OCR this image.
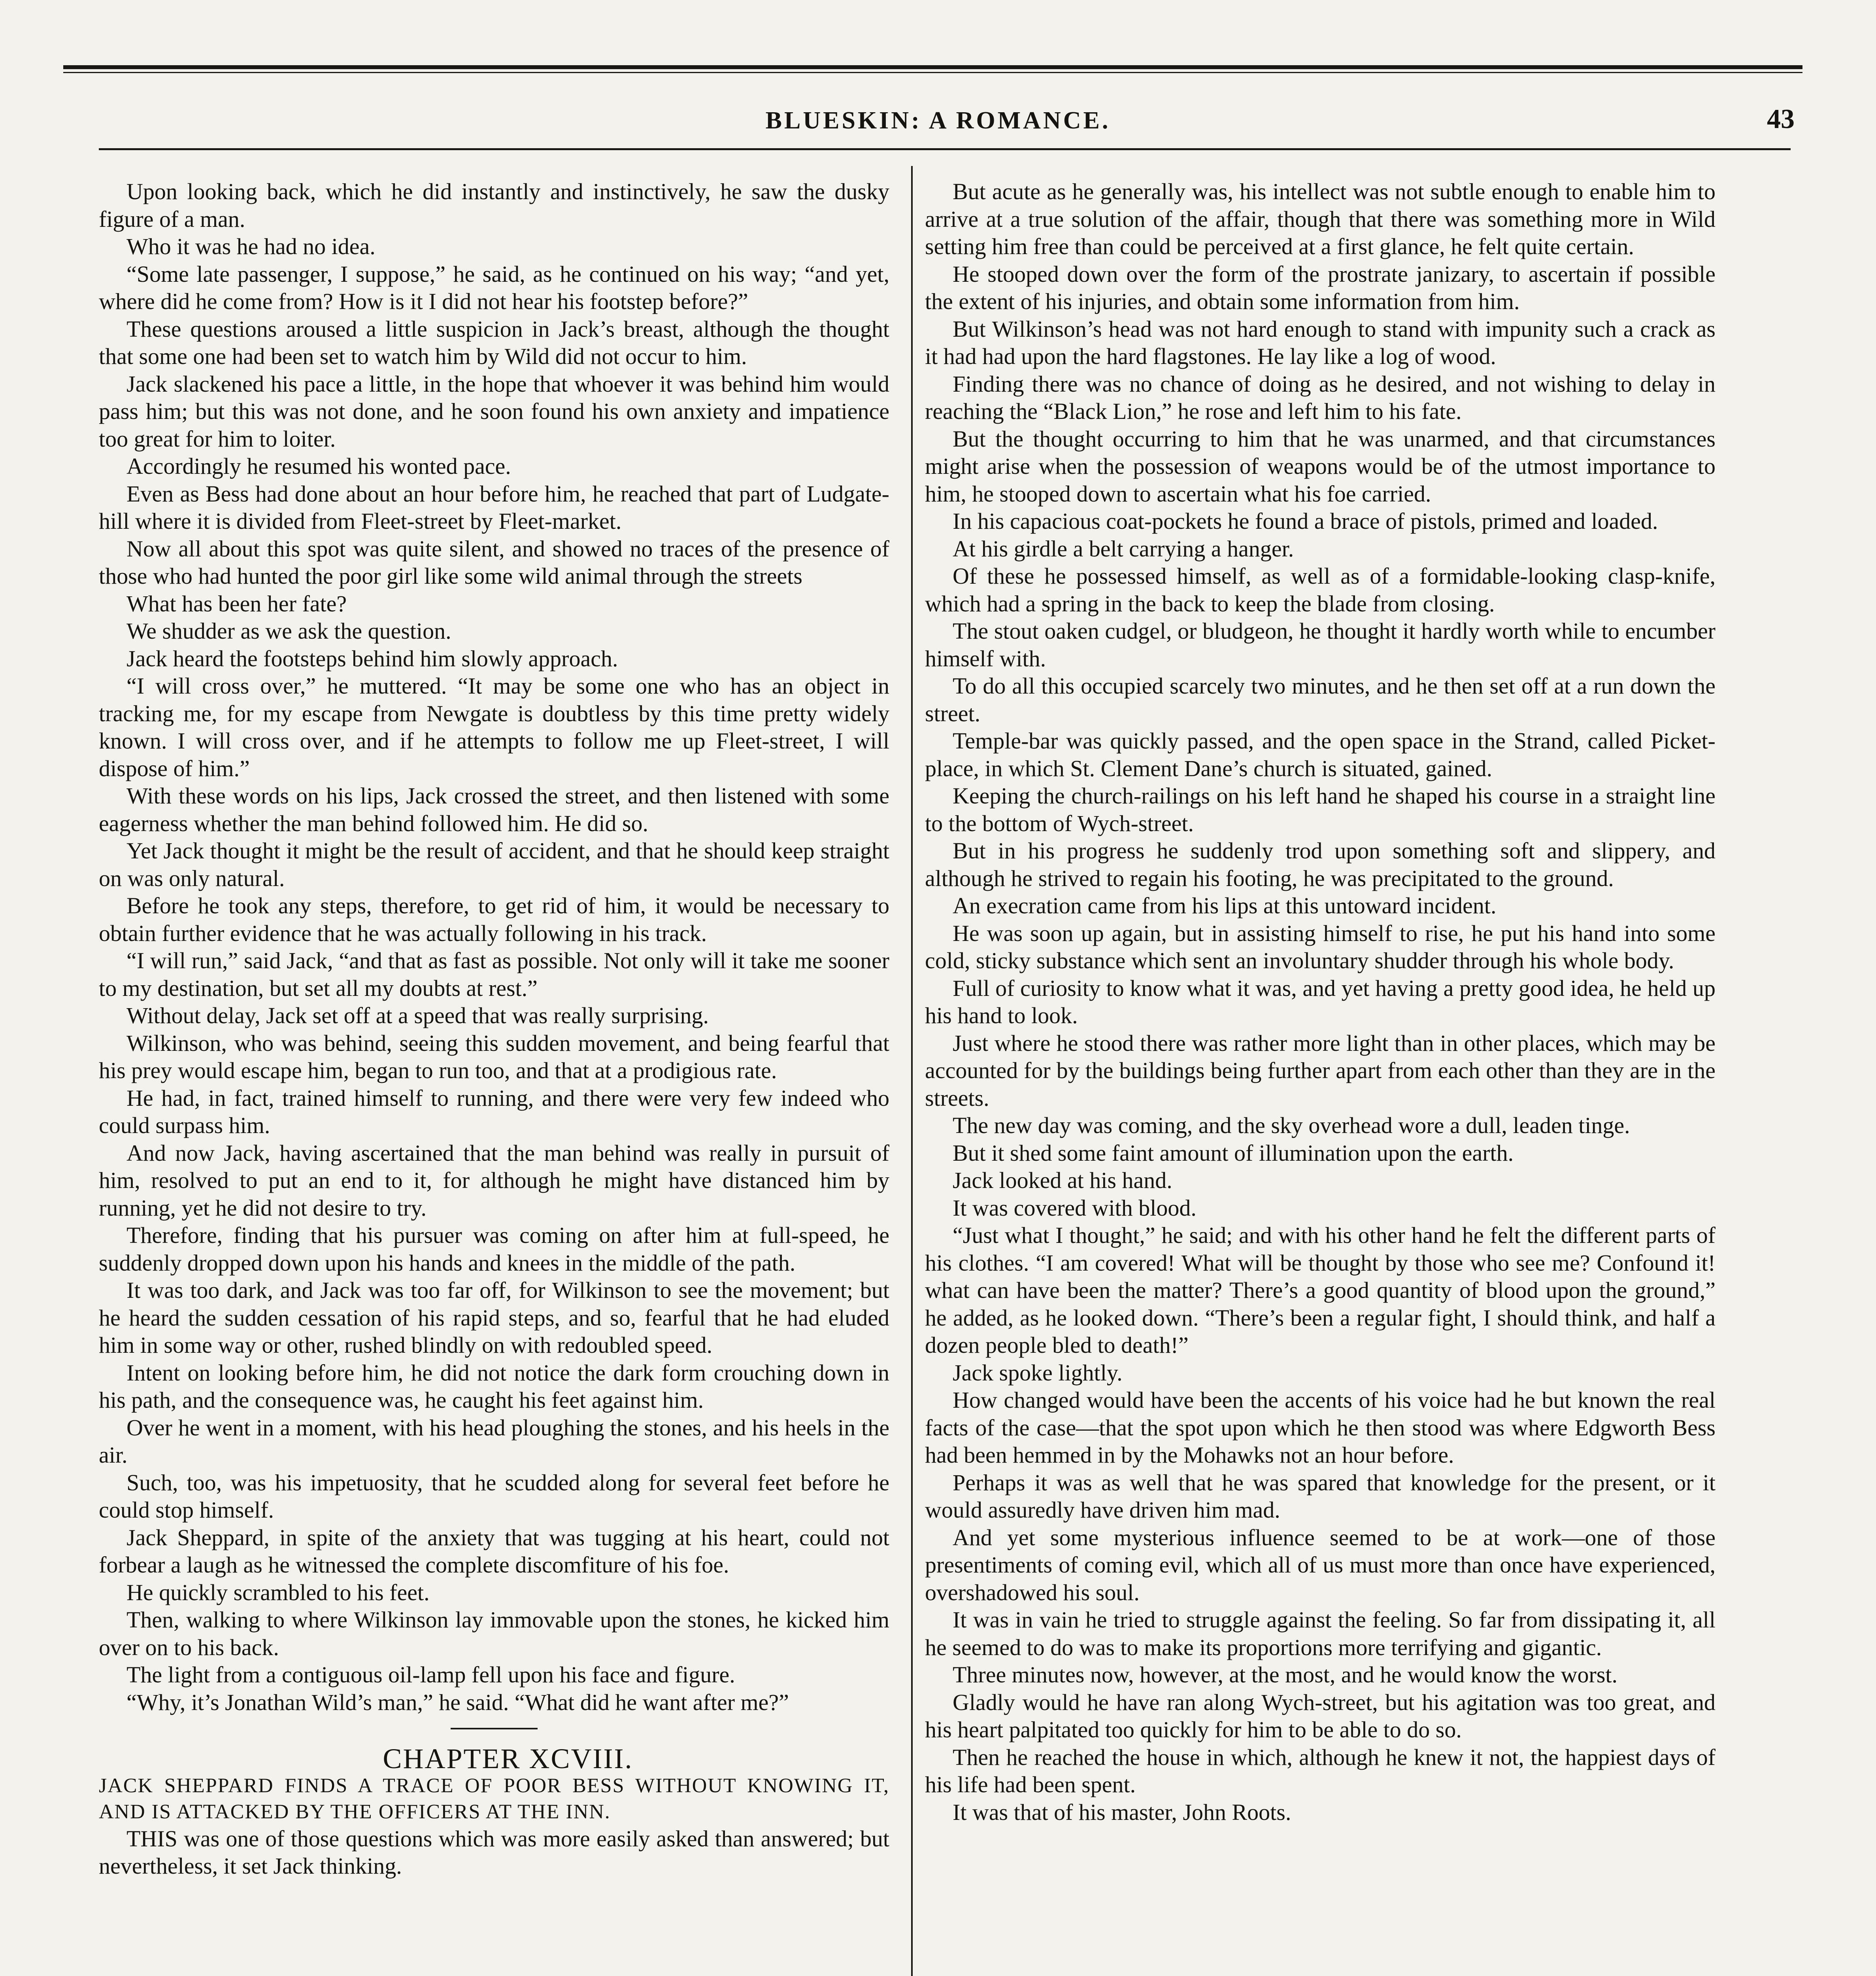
BLUESKIN: A ROMANCE.	43

Upon looking back, which he did instantly and instinctively, he saw the dusky figure of a man.

Who it was he had no idea.

“Some late passenger, I suppose,” he said, as he continued on his way; “and yet, where did he come from? How is it I did not hear his footstep before?”

These questions aroused a little suspicion in Jack’s breast, although the thought that some one had been set to watch him by Wild did not occur to him.

Jack slackened his pace a little, in the hope that whoever it was behind him would pass him; but this was not done, and he soon found his own anxiety and impatience too great for him to loiter.

Accordingly he resumed his wonted pace.

Even as Bess had done about an hour before him, he reached that part of Ludgate-hill where it is divided from Fleet-street by Fleet-market.

Now all about this spot was quite silent, and showed no traces of the presence of those who had hunted the poor girl like some wild animal through the streets

What has been her fate?

We shudder as we ask the question.

Jack heard the footsteps behind him slowly approach.

“I will cross over,” he muttered. “It may be some one who has an object in tracking me, for my escape from Newgate is doubtless by this time pretty widely known. I will cross over, and if he attempts to follow me up Fleet-street, I will dispose of him.”

With these words on his lips, Jack crossed the street, and then listened with some eagerness whether the man behind followed him. He did so.

Yet Jack thought it might be the result of accident, and that he should keep straight on was only natural.

Before he took any steps, therefore, to get rid of him, it would be necessary to obtain further evidence that he was actually following in his track.

“I will run,” said Jack, “and that as fast as possible. Not only will it take me sooner to my destination, but set all my doubts at rest.”

Without delay, Jack set off at a speed that was really surprising.

Wilkinson, who was behind, seeing this sudden movement, and being fearful that his prey would escape him, began to run too, and that at a prodigious rate.

He had, in fact, trained himself to running, and there were very few indeed who could surpass him.

And now Jack, having ascertained that the man behind was really in pursuit of him, resolved to put an end to it, for although he might have distanced him by running, yet he did not desire to try.

Therefore, finding that his pursuer was coming on after him at full-speed, he suddenly dropped down upon his hands and knees in the middle of the path.

It was too dark, and Jack was too far off, for Wilkinson to see the movement; but he heard the sudden cessation of his rapid steps, and so, fearful that he had eluded him in some way or other, rushed blindly on with redoubled speed.

Intent on looking before him, he did not notice the dark form crouching down in his path, and the consequence was, he caught his feet against him.

Over he went in a moment, with his head ploughing the stones, and his heels in the air.

Such, too, was his impetuosity, that he scudded along for several feet before he could stop himself.

Jack Sheppard, in spite of the anxiety that was tugging at his heart, could not forbear a laugh as he witnessed the complete discomfiture of his foe.

He quickly scrambled to his feet.

Then, walking to where Wilkinson lay immovable upon the stones, he kicked him over on to his back.

The light from a contiguous oil-lamp fell upon his face and figure.

“Why, it’s Jonathan Wild’s man,” he said. “What did he want after me?”

CHAPTER XCVIII.

JACK SHEPPARD FINDS A TRACE OF POOR BESS WITHOUT KNOWING IT, AND IS ATTACKED BY THE OFFICERS AT THE INN.

THIS was one of those questions which was more easily asked than answered; but nevertheless, it set Jack thinking.

But acute as he generally was, his intellect was not subtle enough to enable him to arrive at a true solution of the affair, though that there was something more in Wild setting him free than could be perceived at a first glance, he felt quite certain.

He stooped down over the form of the prostrate janizary, to ascertain if possible the extent of his injuries, and obtain some information from him.

But Wilkinson’s head was not hard enough to stand with impunity such a crack as it had had upon the hard flagstones. He lay like a log of wood.

Finding there was no chance of doing as he desired, and not wishing to delay in reaching the “Black Lion,” he rose and left him to his fate.

But the thought occurring to him that he was unarmed, and that circumstances might arise when the possession of weapons would be of the utmost importance to him, he stooped down to ascertain what his foe carried.

In his capacious coat-pockets he found a brace of pistols, primed and loaded.

At his girdle a belt carrying a hanger.

Of these he possessed himself, as well as of a formidable-looking clasp-knife, which had a spring in the back to keep the blade from closing.

The stout oaken cudgel, or bludgeon, he thought it hardly worth while to encumber himself with.

To do all this occupied scarcely two minutes, and he then set off at a run down the street.

Temple-bar was quickly passed, and the open space in the Strand, called Picket-place, in which St. Clement Dane’s church is situated, gained.

Keeping the church-railings on his left hand he shaped his course in a straight line to the bottom of Wych-street.

But in his progress he suddenly trod upon something soft and slippery, and although he strived to regain his footing, he was precipitated to the ground.

An execration came from his lips at this untoward incident.

He was soon up again, but in assisting himself to rise, he put his hand into some cold, sticky substance which sent an involuntary shudder through his whole body.

Full of curiosity to know what it was, and yet having a pretty good idea, he held up his hand to look.

Just where he stood there was rather more light than in other places, which may be accounted for by the buildings being further apart from each other than they are in the streets.

The new day was coming, and the sky overhead wore a dull, leaden tinge.

But it shed some faint amount of illumination upon the earth.

Jack looked at his hand.

It was covered with blood.

“Just what I thought,” he said; and with his other hand he felt the different parts of his clothes. “I am covered! What will be thought by those who see me? Confound it! what can have been the matter? There’s a good quantity of blood upon the ground,” he added, as he looked down. “There’s been a regular fight, I should think, and half a dozen people bled to death!”

Jack spoke lightly.

How changed would have been the accents of his voice had he but known the real facts of the case—that the spot upon which he then stood was where Edgworth Bess had been hemmed in by the Mohawks not an hour before.

Perhaps it was as well that he was spared that knowledge for the present, or it would assuredly have driven him mad.

And yet some mysterious influence seemed to be at work—one of those presentiments of coming evil, which all of us must more than once have experienced, overshadowed his soul.

It was in vain he tried to struggle against the feeling. So far from dissipating it, all he seemed to do was to make its proportions more terrifying and gigantic.

Three minutes now, however, at the most, and he would know the worst.

Gladly would he have ran along Wych-street, but his agitation was too great, and his heart palpitated too quickly for him to be able to do so.

Then he reached the house in which, although he knew it not, the happiest days of his life had been spent.

It was that of his master, John Roots.
